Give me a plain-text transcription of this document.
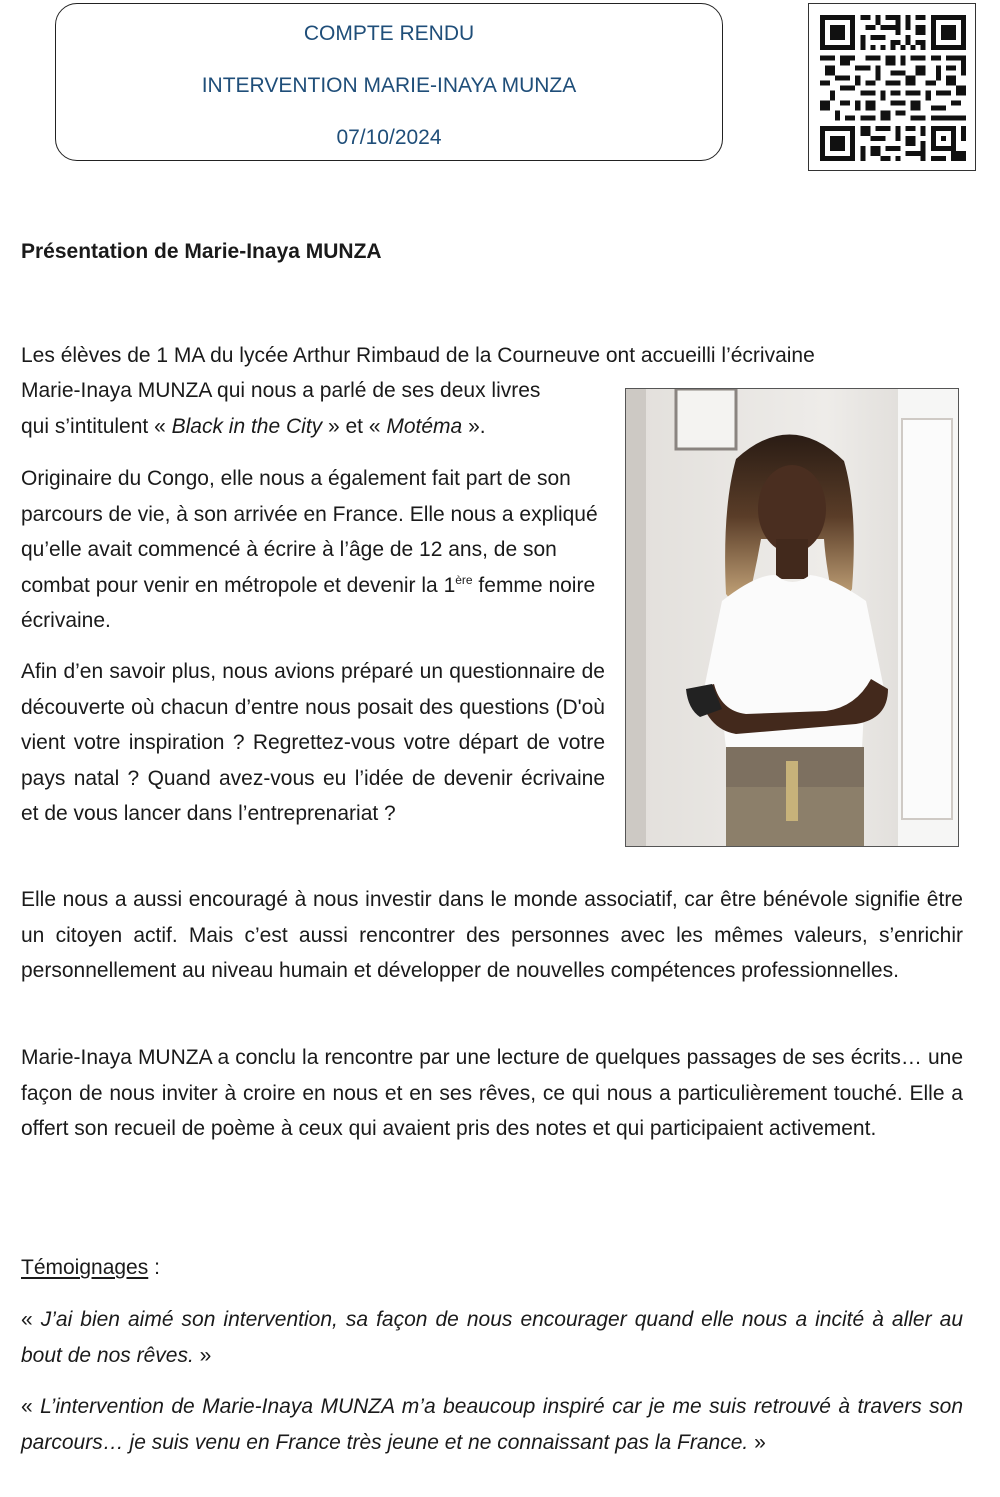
COMPTE RENDU
INTERVENTION MARIE-INAYA MUNZA
07/10/2024
Présentation de Marie-Inaya MUNZA
Les élèves de 1 MA du lycée Arthur Rimbaud de la Courneuve ont accueilli l’écrivaine
Marie-Inaya MUNZA qui nous a parlé de ses deux livres
qui s’intitulent « Black in the City » et « Motéma ».

Originaire du Congo, elle nous a également fait part de son parcours de vie, à son arrivée en France. Elle nous a expliqué qu’elle avait commencé à écrire à l’âge de 12 ans, de son combat pour venir en métropole et devenir la 1ère femme noire écrivaine.

Afin d’en savoir plus, nous avions préparé un questionnaire de découverte où chacun d’entre nous posait des questions (D'où vient votre inspiration ? Regrettez-vous votre départ de votre pays natal ? Quand avez-vous eu l’idée de devenir écrivaine et de vous lancer dans l’entreprenariat ?

Elle nous a aussi encouragé à nous investir dans le monde associatif, car être bénévole signifie être un citoyen actif. Mais c’est aussi rencontrer des personnes avec les mêmes valeurs, s’enrichir personnellement au niveau humain et développer de nouvelles compétences professionnelles.

Marie-Inaya MUNZA a conclu la rencontre par une lecture de quelques passages de ses écrits… une façon de nous inviter à croire en nous et en ses rêves, ce qui nous a particulièrement touché. Elle a offert son recueil de poème à ceux qui avaient pris des notes et qui participaient activement.

Témoignages :

« J’ai bien aimé son intervention, sa façon de nous encourager quand elle nous a incité à aller au bout de nos rêves. »

« L’intervention de Marie-Inaya MUNZA m’a beaucoup inspiré car je me suis retrouvé à travers son parcours… je suis venu en France très jeune et ne connaissant pas la France. »
